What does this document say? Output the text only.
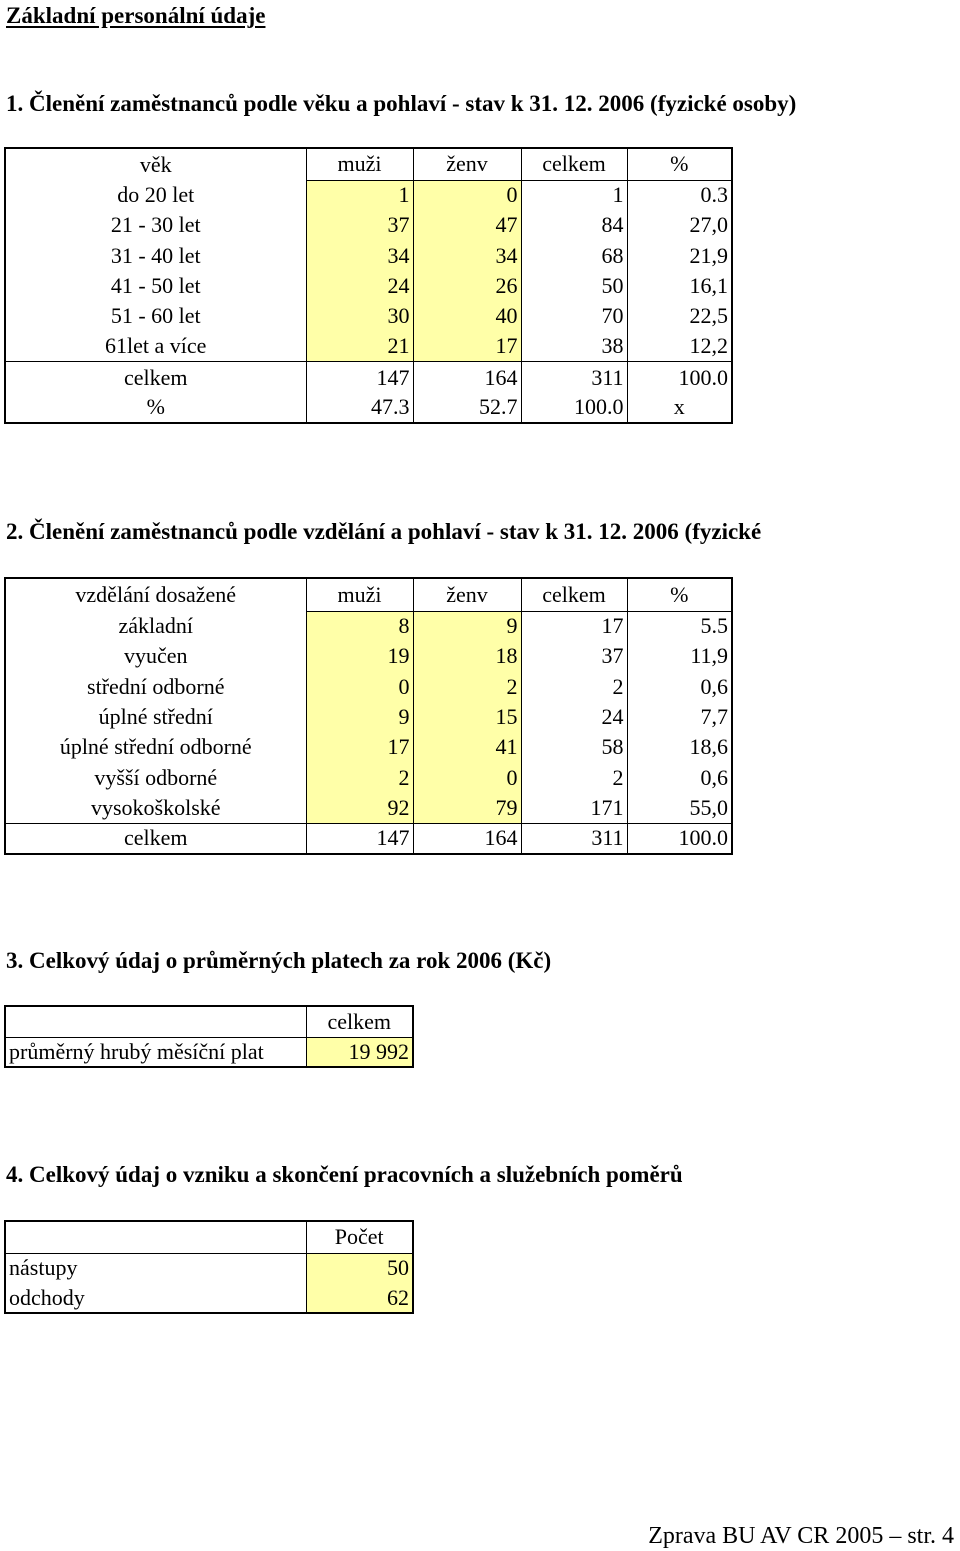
Základní personální údaje
1. Členění zaměstnanců podle věku a pohlaví - stav k 31. 12. 2006 (fyzické osoby)
věk	muži	ženv	celkem	%
do 20 let	1	0	1	0.3
21 - 30 let	37	47	84	27,0
31 - 40 let	34	34	68	21,9
41 - 50 let	24	26	50	16,1
51 - 60 let	30	40	70	22,5
61let a více	21	17	38	12,2
celkem	147	164	311	100.0
%	47.3	52.7	100.0	x
2. Členění zaměstnanců podle vzdělání a pohlaví - stav k 31. 12. 2006 (fyzické
vzdělání dosažené	muži	ženv	celkem	%
základní	8	9	17	5.5
vyučen	19	18	37	11,9
střední odborné	0	2	2	0,6
úplné střední	9	15	24	7,7
úplné střední odborné	17	41	58	18,6
vyšší odborné	2	0	2	0,6
vysokoškolské	92	79	171	55,0
celkem	147	164	311	100.0
3. Celkový údaj o průměrných platech za rok 2006 (Kč)
	celkem
průměrný hrubý měsíční plat	19 992
4. Celkový údaj o vzniku a skončení pracovních a služebních poměrů
	Počet
nástupy	50
odchody	62
Zprava BU AV CR 2005 – str. 4
